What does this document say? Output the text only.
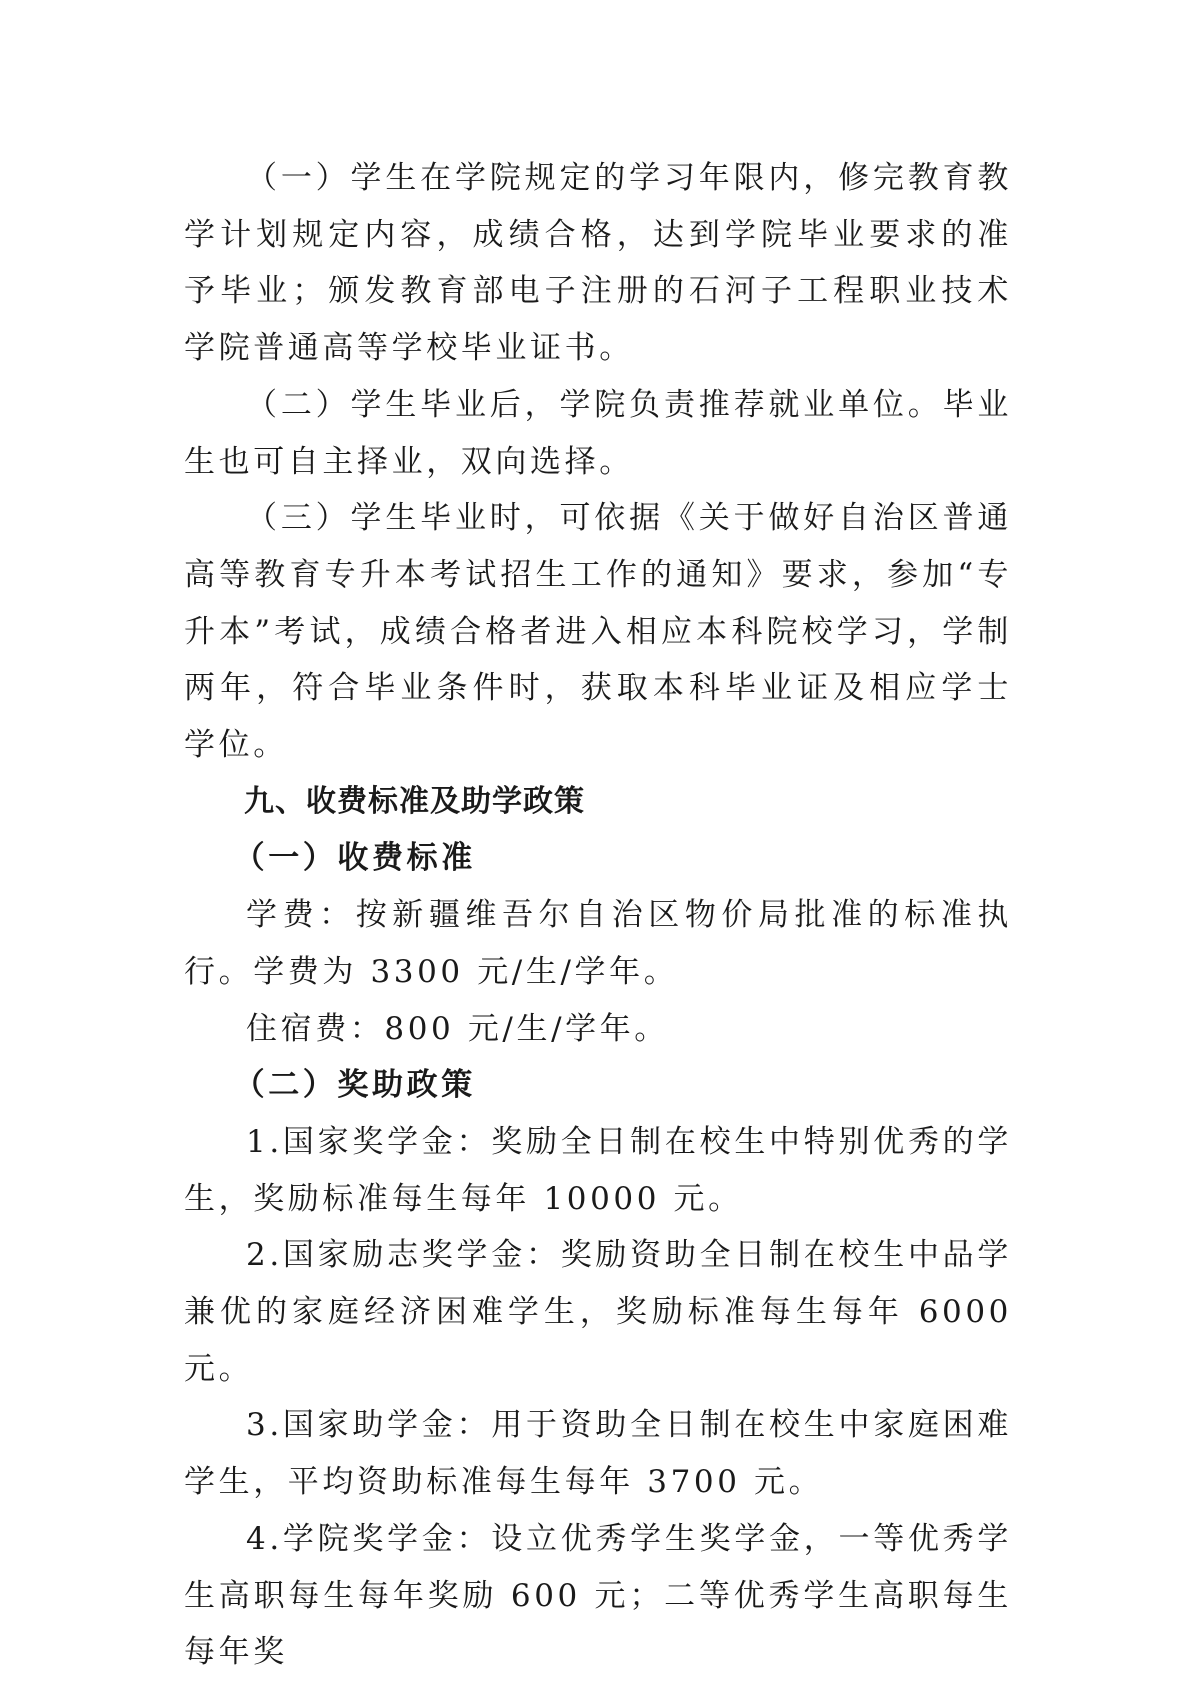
（一）学生在学院规定的学习年限内，修完教育教学计划规定内容，成绩合格，达到学院毕业要求的准予毕业；颁发教育部电子注册的石河子工程职业技术学院普通高等学校毕业证书。

（二）学生毕业后，学院负责推荐就业单位。毕业生也可自主择业，双向选择。

（三）学生毕业时，可依据《关于做好自治区普通高等教育专升本考试招生工作的通知》要求，参加“专升本”考试，成绩合格者进入相应本科院校学习，学制两年，符合毕业条件时，获取本科毕业证及相应学士学位。

九、收费标准及助学政策

（一）收费标准

学费：按新疆维吾尔自治区物价局批准的标准执行。学费为 3300 元/生/学年。

住宿费：800 元/生/学年。

（二）奖助政策

1.国家奖学金：奖励全日制在校生中特别优秀的学生，奖励标准每生每年 10000 元。

2.国家励志奖学金：奖励资助全日制在校生中品学兼优的家庭经济困难学生，奖励标准每生每年 6000 元。

3.国家助学金：用于资助全日制在校生中家庭困难学生，平均资助标准每生每年 3700 元。

4.学院奖学金：设立优秀学生奖学金，一等优秀学生高职每生每年奖励 600 元；二等优秀学生高职每生每年奖
